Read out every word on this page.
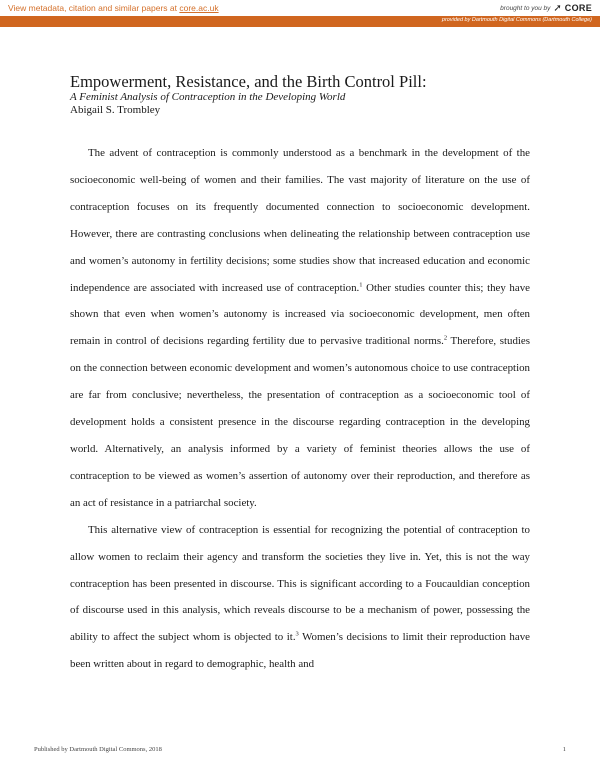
View metadata, citation and similar papers at core.ac.uk	brought to you by ➚ CORE
provided by Dartmouth Digital Commons (Dartmouth College)
Empowerment, Resistance, and the Birth Control Pill:

A Feminist Analysis of Contraception in the Developing World

Abigail S. Trombley

The advent of contraception is commonly understood as a benchmark in the development of the socioeconomic well-being of women and their families. The vast majority of literature on the use of contraception focuses on its frequently documented connection to socioeconomic development. However, there are contrasting conclusions when delineating the relationship between contraception use and women’s autonomy in fertility decisions; some studies show that increased education and economic independence are associated with increased use of contraception.$^1$ Other studies counter this; they have shown that even when women’s autonomy is increased via socioeconomic development, men often remain in control of decisions regarding fertility due to pervasive traditional norms.$^2$ Therefore, studies on the connection between economic development and women’s autonomous choice to use contraception are far from conclusive; nevertheless, the presentation of contraception as a socioeconomic tool of development holds a consistent presence in the discourse regarding contraception in the developing world. Alternatively, an analysis informed by a variety of feminist theories allows the use of contraception to be viewed as women’s assertion of autonomy over their reproduction, and therefore as an act of resistance in a patriarchal society.

This alternative view of contraception is essential for recognizing the potential of contraception to allow women to reclaim their agency and transform the societies they live in. Yet, this is not the way contraception has been presented in discourse. This is significant according to a Foucauldian conception of discourse used in this analysis, which reveals discourse to be a mechanism of power, possessing the ability to affect the subject whom is objected to it.$^3$ Women’s decisions to limit their reproduction have been written about in regard to demographic, health and

Published by Dartmouth Digital Commons, 2018	1
